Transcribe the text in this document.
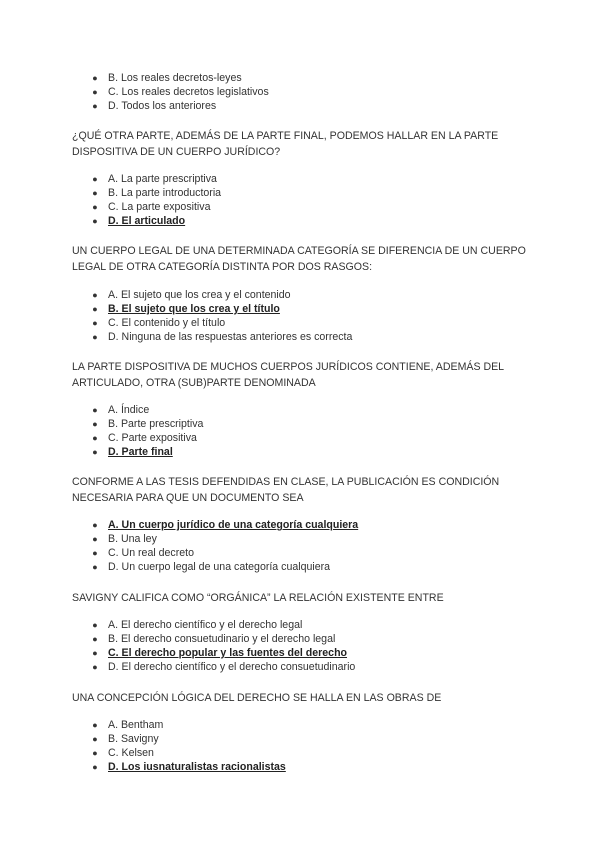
● B. Los reales decretos-leyes
● C. Los reales decretos legislativos
● D. Todos los anteriores

¿QUÉ OTRA PARTE, ADEMÁS DE LA PARTE FINAL, PODEMOS HALLAR EN LA PARTE DISPOSITIVA DE UN CUERPO JURÍDICO?

● A. La parte prescriptiva
● B. La parte introductoria
● C. La parte expositiva
● D. El articulado

UN CUERPO LEGAL DE UNA DETERMINADA CATEGORÍA SE DIFERENCIA DE UN CUERPO LEGAL DE OTRA CATEGORÍA DISTINTA POR DOS RASGOS:

● A. El sujeto que los crea y el contenido
● B. El sujeto que los crea y el título
● C. El contenido y el título
● D. Ninguna de las respuestas anteriores es correcta

LA PARTE DISPOSITIVA DE MUCHOS CUERPOS JURÍDICOS CONTIENE, ADEMÁS DEL ARTICULADO, OTRA (SUB)PARTE DENOMINADA

● A. Índice
● B. Parte prescriptiva
● C. Parte expositiva
● D. Parte final

CONFORME A LAS TESIS DEFENDIDAS EN CLASE, LA PUBLICACIÓN ES CONDICIÓN NECESARIA PARA QUE UN DOCUMENTO SEA

● A. Un cuerpo jurídico de una categoría cualquiera
● B. Una ley
● C. Un real decreto
● D. Un cuerpo legal de una categoría cualquiera

SAVIGNY CALIFICA COMO “ORGÁNICA” LA RELACIÓN EXISTENTE ENTRE

● A. El derecho científico y el derecho legal
● B. El derecho consuetudinario y el derecho legal
● C. El derecho popular y las fuentes del derecho
● D. El derecho científico y el derecho consuetudinario

UNA CONCEPCIÓN LÓGICA DEL DERECHO SE HALLA EN LAS OBRAS DE

● A. Bentham
● B. Savigny
● C. Kelsen
● D. Los iusnaturalistas racionalistas
